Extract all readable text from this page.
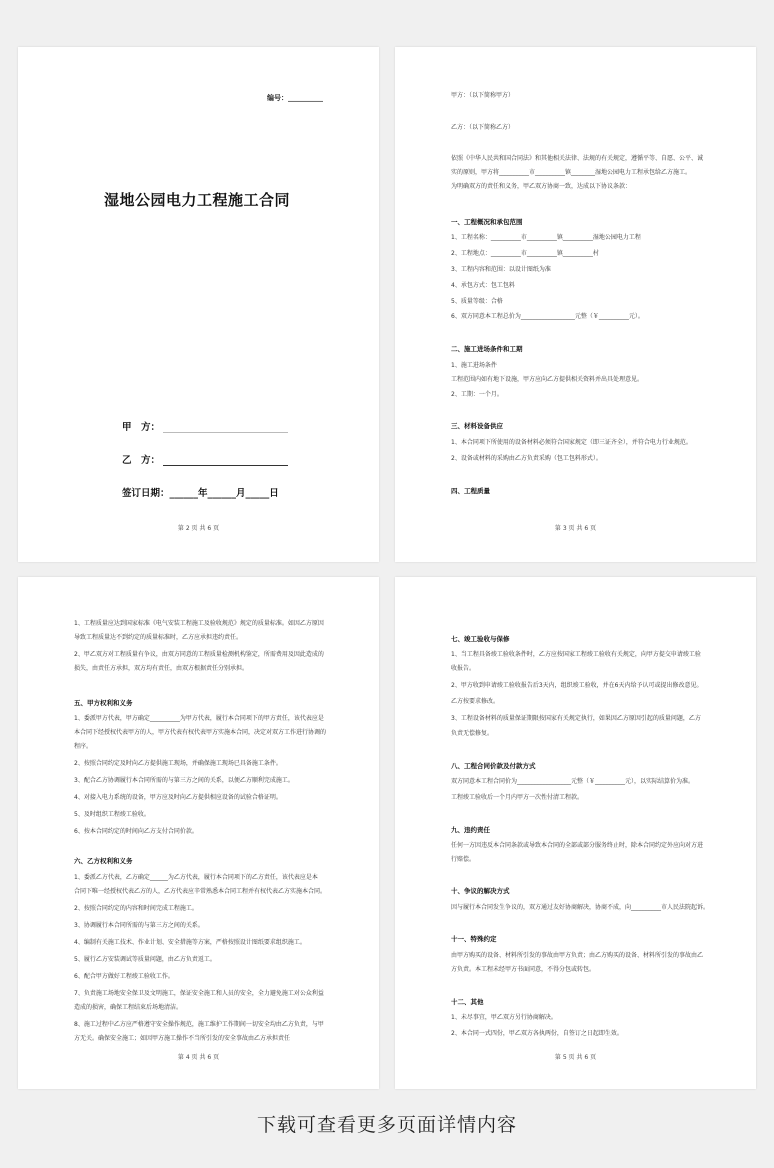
编号：__________
湿地公园电力工程施工合同
甲　方：
乙　方：
签订日期：______年______月_____日
第 2 页 共 6 页
甲方：（以下简称甲方）
乙方：（以下简称乙方）
依照《中华人民共和国合同法》和其他相关法律、法规的有关规定，遵循平等、自愿、公平、诚
实的原则，甲方将__________市__________镇________湿地公园电力工程承包给乙方施工。
为明确双方的责任和义务，甲乙双方协商一致，达成以下协议条款：
一、工程概况和承包范围
1、工程名称：__________市__________镇__________湿地公园电力工程
2、工程地点：__________市__________镇__________村
3、工程内容和范围：以设计图纸为准
4、承包方式：包工包料
5、质量等级：合格
6、双方同意本工程总价为__________________元整（￥__________元）。
二、施工进场条件和工期
1、施工进场条件
工程范围内如有地下设施，甲方应向乙方提供相关资料并出具处理意见。
2、工期：一个月。
三、材料设备供应
1、本合同项下所使用的设备材料必须符合国家规定（即三证齐全），并符合电力行业规范。
2、设备或材料的采购由乙方负责采购（包工包料形式）。
四、工程质量
第 3 页 共 6 页
1、工程质量应达到国家标准《电气安装工程施工及验收规范》规定的质量标准。如因乙方原因
导致工程质量达不到约定的质量标准时，乙方应承担违约责任。
2、甲乙双方对工程质量有争议，由双方同意的工程质量检测机构鉴定，所需费用及因此造成的
损失，由责任方承担，双方均有责任，由双方根据责任分别承担。
五、甲方权利和义务
1、委派甲方代表，甲方确定__________为甲方代表，履行本合同项下的甲方责任，该代表应是
本合同下经授权代表甲方的人，甲方代表有权代表甲方实施本合同，决定对双方工作进行协调的
程序。
2、按照合同约定及时向乙方提供施工现场，并确保施工现场已具备施工条件。
3、配合乙方协调履行本合同所需的与第三方之间的关系，以便乙方顺利完成施工。
4、对接入电力系统的设备，甲方应及时向乙方提供相应设备的试验合格证明。
5、及时组织工程竣工验收。
6、按本合同约定的时间向乙方支付合同价款。
六、乙方权利和义务
1、委派乙方代表，乙方确定______为乙方代表，履行本合同项下的乙方责任，该代表应是本
合同下唯一经授权代表乙方的人，乙方代表应辛常熟悉本合同工程并有权代表乙方实施本合同。
2、按照合同约定的内容和时间完成工程施工。
3、协调履行本合同所需的与第三方之间的关系。
4、编制有关施工技术、作业计划、安全措施等方案，严格按照设计图纸要求组织施工。
5、履行乙方安装调试等质量问题，由乙方负责返工。
6、配合甲方做好工程竣工验收工作。
7、负责施工场地安全保卫及文明施工，保证安全施工和人员的安全，全力避免施工对公众利益
造成的损害，确保工程结束后场地清洁。
8、施工过程中乙方应严格遵守安全操作规范，施工维护工作期间一切安全均由乙方负责，与甲
方无关。确保安全施工；如因甲方施工操作不当所引发的安全事故由乙方承担责任
第 4 页 共 6 页
七、竣工验收与保修
1、当工程具备竣工验收条件时，乙方应按国家工程竣工验收有关规定，向甲方提交申请竣工验
收报告。
2、甲方收到申请竣工验收报告后3天内，组织竣工验收，并在6天内给予认可或提出修改意见。
乙方按要求修改。
3、工程设备材料的质量保证期限按国家有关规定执行，如果因乙方原因引起的质量问题，乙方
负责无偿修复。
八、工程合同价款及付款方式
双方同意本工程合同价为__________________元整（￥__________元），以实际结算价为准。
工程竣工验收后一个月内甲方一次性付清工程款。
九、违约责任
任何一方因违反本合同条款或导致本合同的全部或部分服务终止时，除本合同约定外应向对方进
行赔偿。
十、争议的解决方式
因与履行本合同发生争议的，双方通过友好协商解决，协商不成，向__________市人民法院起诉。
十一、特殊约定
由甲方购买的设备、材料所引发的事故由甲方负责；由乙方购买的设备、材料所引发的事故由乙
方负责。本工程未经甲方书面同意，不得分包或转包。
十二、其他
1、未尽事宜，甲乙双方另行协商解决。
2、本合同一式四份，甲乙双方各执两份，自签订之日起即生效。
第 5 页 共 6 页
下载可查看更多页面详情内容
